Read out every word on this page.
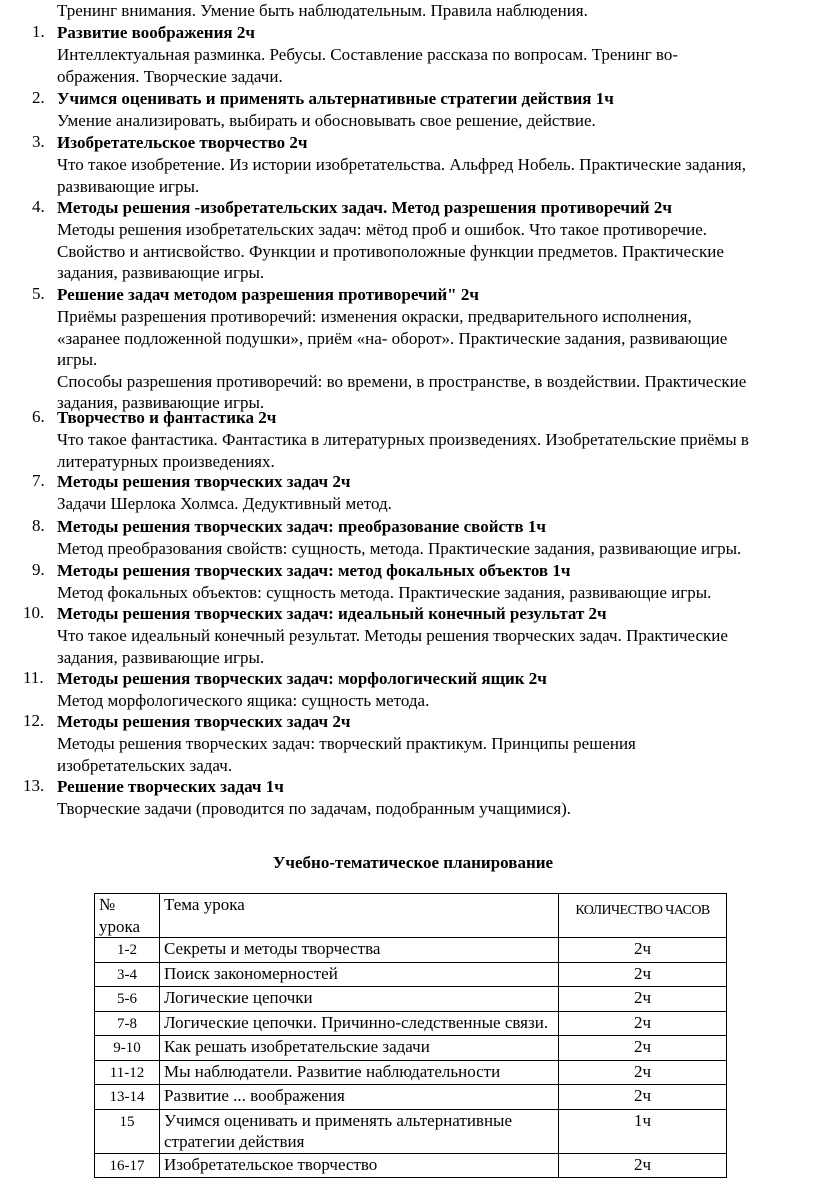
Тренинг внимания. Умение быть наблюдательным. Правила наблюдения.
1. Развитие воображения 2ч
Интеллектуальная разминка. Ребусы. Составление рассказа по вопросам. Тренинг во-
ображения. Творческие задачи.
2. Учимся оценивать и применять альтернативные стратегии действия 1ч
Умение анализировать, выбирать и обосновывать свое решение, действие.
3. Изобретательское творчество 2ч
Что такое изобретение. Из истории изобретательства. Альфред Нобель. Практические задания,
развивающие игры.
4. Методы решения -изобретательских задач. Метод разрешения противоречий 2ч
Методы решения изобретательских задач: мётод проб и ошибок. Что такое противоречие.
Свойство и антисвойство. Функции и противоположные функции предметов. Практические
задания, развивающие игры.
5. Решение задач методом разрешения противоречий" 2ч
Приёмы разрешения противоречий: изменения окраски, предварительного исполнения,
«заранее подложенной подушки», приём «на- оборот». Практические задания, развивающие
игры.
Способы разрешения противоречий: во времени, в пространстве, в воздействии. Практические
задания, развивающие игры.
6. Творчество и фантастика 2ч
Что такое фантастика. Фантастика в литературных произведениях. Изобретательские приёмы в
литературных произведениях.
7. Методы решения творческих задач 2ч
Задачи Шерлока Холмса. Дедуктивный метод.
8. Методы решения творческих задач: преобразование свойств 1ч
Метод преобразования свойств: сущность, метода. Практические задания, развивающие игры.
9. Методы решения творческих задач: метод фокальных объектов 1ч
Метод фокальных объектов: сущность метода. Практические задания, развивающие игры.
10. Методы решения творческих задач: идеальный конечный результат 2ч
Что такое идеальный конечный результат. Методы решения творческих задач. Практические
задания, развивающие игры.
11. Методы решения творческих задач: морфологический ящик 2ч
Метод морфологического ящика: сущность метода.
12. Методы решения творческих задач 2ч
Методы решения творческих задач: творческий практикум. Принципы решения
изобретательских задач.
13. Решение творческих задач 1ч
Творческие задачи (проводится по задачам, подобранным учащимися).
Учебно-тематическое планирование
№ урока	Тема урока	КОЛИЧЕСТВО ЧАСОВ
1-2	Секреты и методы творчества	2ч
3-4	Поиск закономерностей	2ч
5-6	Логические цепочки	2ч
7-8	Логические цепочки. Причинно-следственные связи.	2ч
9-10	Как решать изобретательские задачи	2ч
11-12	Мы наблюдатели. Развитие наблюдательности	2ч
13-14	Развитие ... воображения	2ч
15	Учимся оценивать и применять альтернативные стратегии действия	1ч
16-17	Изобретательское творчество	2ч
